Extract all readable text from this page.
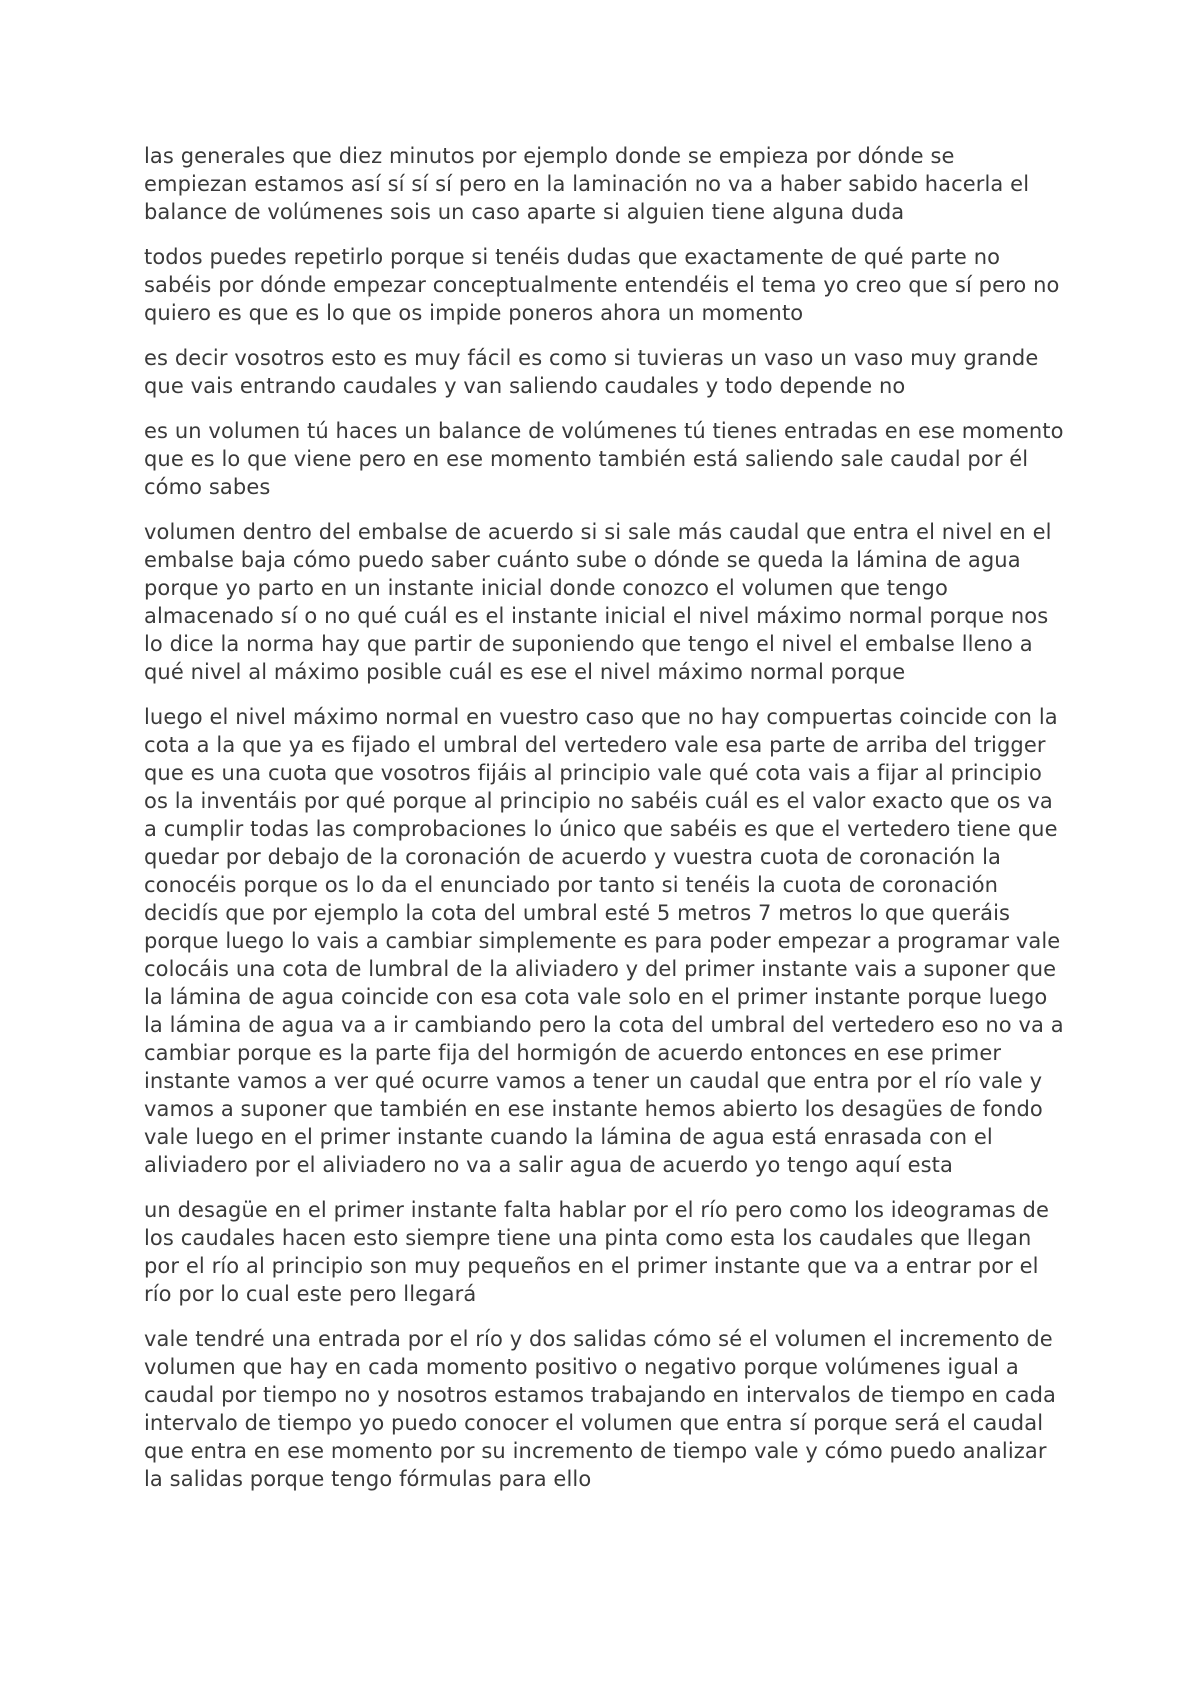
las generales que diez minutos por ejemplo donde se empieza por dónde se empiezan estamos así sí sí sí pero en la laminación no va a haber sabido hacerla el balance de volúmenes sois un caso aparte si alguien tiene alguna duda

todos puedes repetirlo porque si tenéis dudas que exactamente de qué parte no sabéis por dónde empezar conceptualmente entendéis el tema yo creo que sí pero no quiero es que es lo que os impide poneros ahora un momento

es decir vosotros esto es muy fácil es como si tuvieras un vaso un vaso muy grande que vais entrando caudales y van saliendo caudales y todo depende no

es un volumen tú haces un balance de volúmenes tú tienes entradas en ese momento que es lo que viene pero en ese momento también está saliendo sale caudal por él cómo sabes

volumen dentro del embalse de acuerdo si si sale más caudal que entra el nivel en el embalse baja cómo puedo saber cuánto sube o dónde se queda la lámina de agua porque yo parto en un instante inicial donde conozco el volumen que tengo almacenado sí o no qué cuál es el instante inicial el nivel máximo normal porque nos lo dice la norma hay que partir de suponiendo que tengo el nivel el embalse lleno a qué nivel al máximo posible cuál es ese el nivel máximo normal porque

luego el nivel máximo normal en vuestro caso que no hay compuertas coincide con la cota a la que ya es fijado el umbral del vertedero vale esa parte de arriba del trigger que es una cuota que vosotros fijáis al principio vale qué cota vais a fijar al principio os la inventáis por qué porque al principio no sabéis cuál es el valor exacto que os va a cumplir todas las comprobaciones lo único que sabéis es que el vertedero tiene que quedar por debajo de la coronación de acuerdo y vuestra cuota de coronación la conocéis porque os lo da el enunciado por tanto si tenéis la cuota de coronación decidís que por ejemplo la cota del umbral esté 5 metros 7 metros lo que queráis porque luego lo vais a cambiar simplemente es para poder empezar a programar vale colocáis una cota de lumbral de la aliviadero y del primer instante vais a suponer que la lámina de agua coincide con esa cota vale solo en el primer instante porque luego la lámina de agua va a ir cambiando pero la cota del umbral del vertedero eso no va a cambiar porque es la parte fija del hormigón de acuerdo entonces en ese primer instante vamos a ver qué ocurre vamos a tener un caudal que entra por el río vale y vamos a suponer que también en ese instante hemos abierto los desagües de fondo vale luego en el primer instante cuando la lámina de agua está enrasada con el aliviadero por el aliviadero no va a salir agua de acuerdo yo tengo aquí esta

un desagüe en el primer instante falta hablar por el río pero como los ideogramas de los caudales hacen esto siempre tiene una pinta como esta los caudales que llegan por el río al principio son muy pequeños en el primer instante que va a entrar por el río por lo cual este pero llegará

vale tendré una entrada por el río y dos salidas cómo sé el volumen el incremento de volumen que hay en cada momento positivo o negativo porque volúmenes igual a caudal por tiempo no y nosotros estamos trabajando en intervalos de tiempo en cada intervalo de tiempo yo puedo conocer el volumen que entra sí porque será el caudal que entra en ese momento por su incremento de tiempo vale y cómo puedo analizar la salidas porque tengo fórmulas para ello
